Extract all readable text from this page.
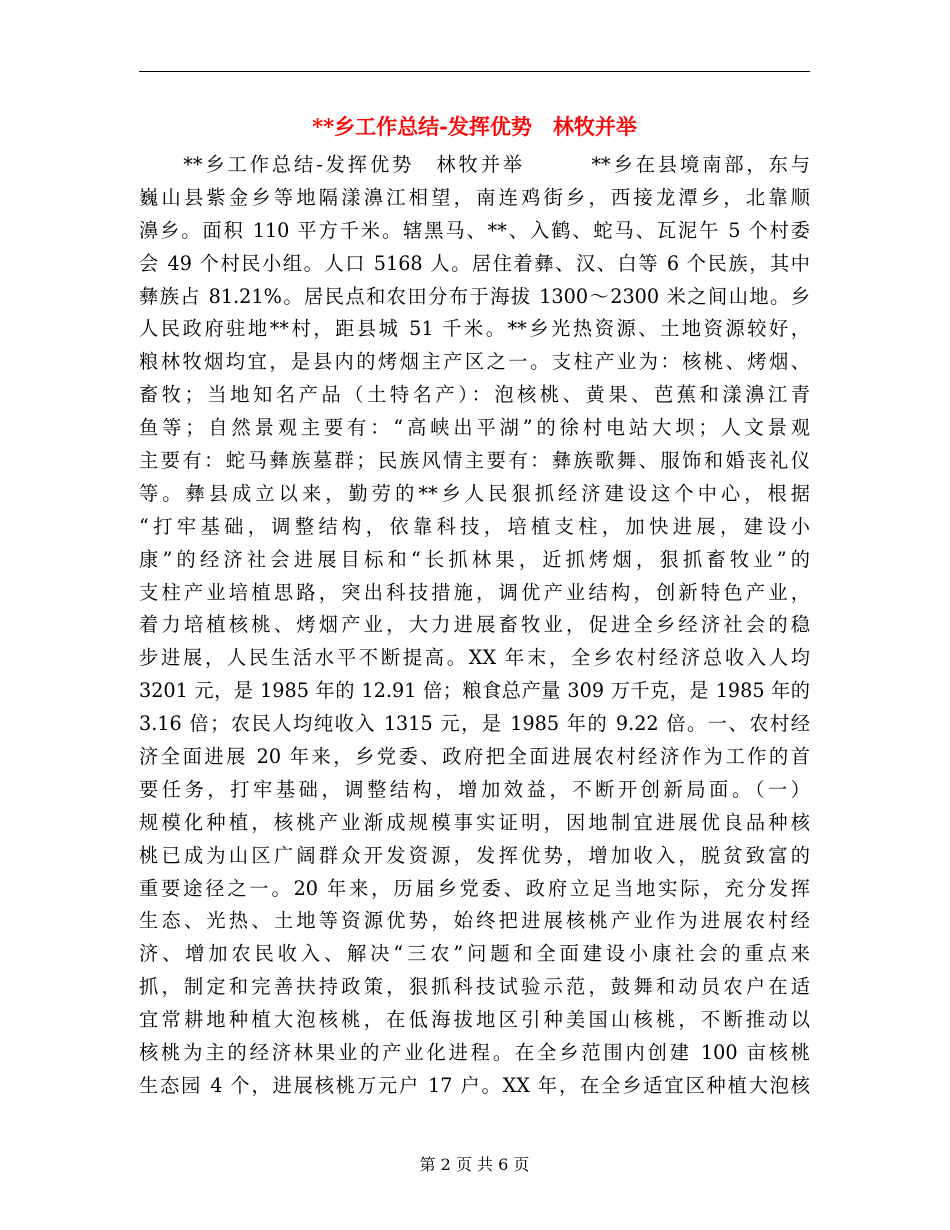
**乡工作总结-发挥优势　林牧并举
　　**乡工作总结-发挥优势　林牧并举　　　**乡在县境南部，东与
巍山县紫金乡等地隔漾濞江相望，南连鸡街乡，西接龙潭乡，北靠顺
濞乡。面积 110 平方千米。辖黑马、**、入鹤、蛇马、瓦泥午 5 个村委
会 49 个村民小组。人口 5168 人。居住着彝、汉、白等 6 个民族，其中
彝族占 81.21%。居民点和农田分布于海拔 1300～2300 米之间山地。乡
人民政府驻地**村，距县城 51 千米。**乡光热资源、土地资源较好，
粮林牧烟均宜，是县内的烤烟主产区之一。支柱产业为：核桃、烤烟、
畜牧；当地知名产品（土特名产）：泡核桃、黄果、芭蕉和漾濞江青
鱼等；自然景观主要有：“高峡出平湖”的徐村电站大坝；人文景观
主要有：蛇马彝族墓群；民族风情主要有：彝族歌舞、服饰和婚丧礼仪
等。彝县成立以来，勤劳的**乡人民狠抓经济建设这个中心，根据
“打牢基础，调整结构，依靠科技，培植支柱，加快进展，建设小
康”的经济社会进展目标和“长抓林果，近抓烤烟，狠抓畜牧业”的
支柱产业培植思路，突出科技措施，调优产业结构，创新特色产业，
着力培植核桃、烤烟产业，大力进展畜牧业，促进全乡经济社会的稳
步进展，人民生活水平不断提高。XX 年末，全乡农村经济总收入人均
3201 元，是 1985 年的 12.91 倍；粮食总产量 309 万千克，是 1985 年的
3.16 倍；农民人均纯收入 1315 元，是 1985 年的 9.22 倍。一、农村经
济全面进展 20 年来，乡党委、政府把全面进展农村经济作为工作的首
要任务，打牢基础，调整结构，增加效益，不断开创新局面。（一）
规模化种植，核桃产业渐成规模事实证明，因地制宜进展优良品种核
桃已成为山区广阔群众开发资源，发挥优势，增加收入，脱贫致富的
重要途径之一。20 年来，历届乡党委、政府立足当地实际，充分发挥
生态、光热、土地等资源优势，始终把进展核桃产业作为进展农村经
济、增加农民收入、解决“三农”问题和全面建设小康社会的重点来
抓，制定和完善扶持政策，狠抓科技试验示范，鼓舞和动员农户在适
宜常耕地种植大泡核桃，在低海拔地区引种美国山核桃，不断推动以
核桃为主的经济林果业的产业化进程。在全乡范围内创建 100 亩核桃
生态园 4 个，进展核桃万元户 17 户。XX 年，在全乡适宜区种植大泡核
第 2 页 共 6 页
